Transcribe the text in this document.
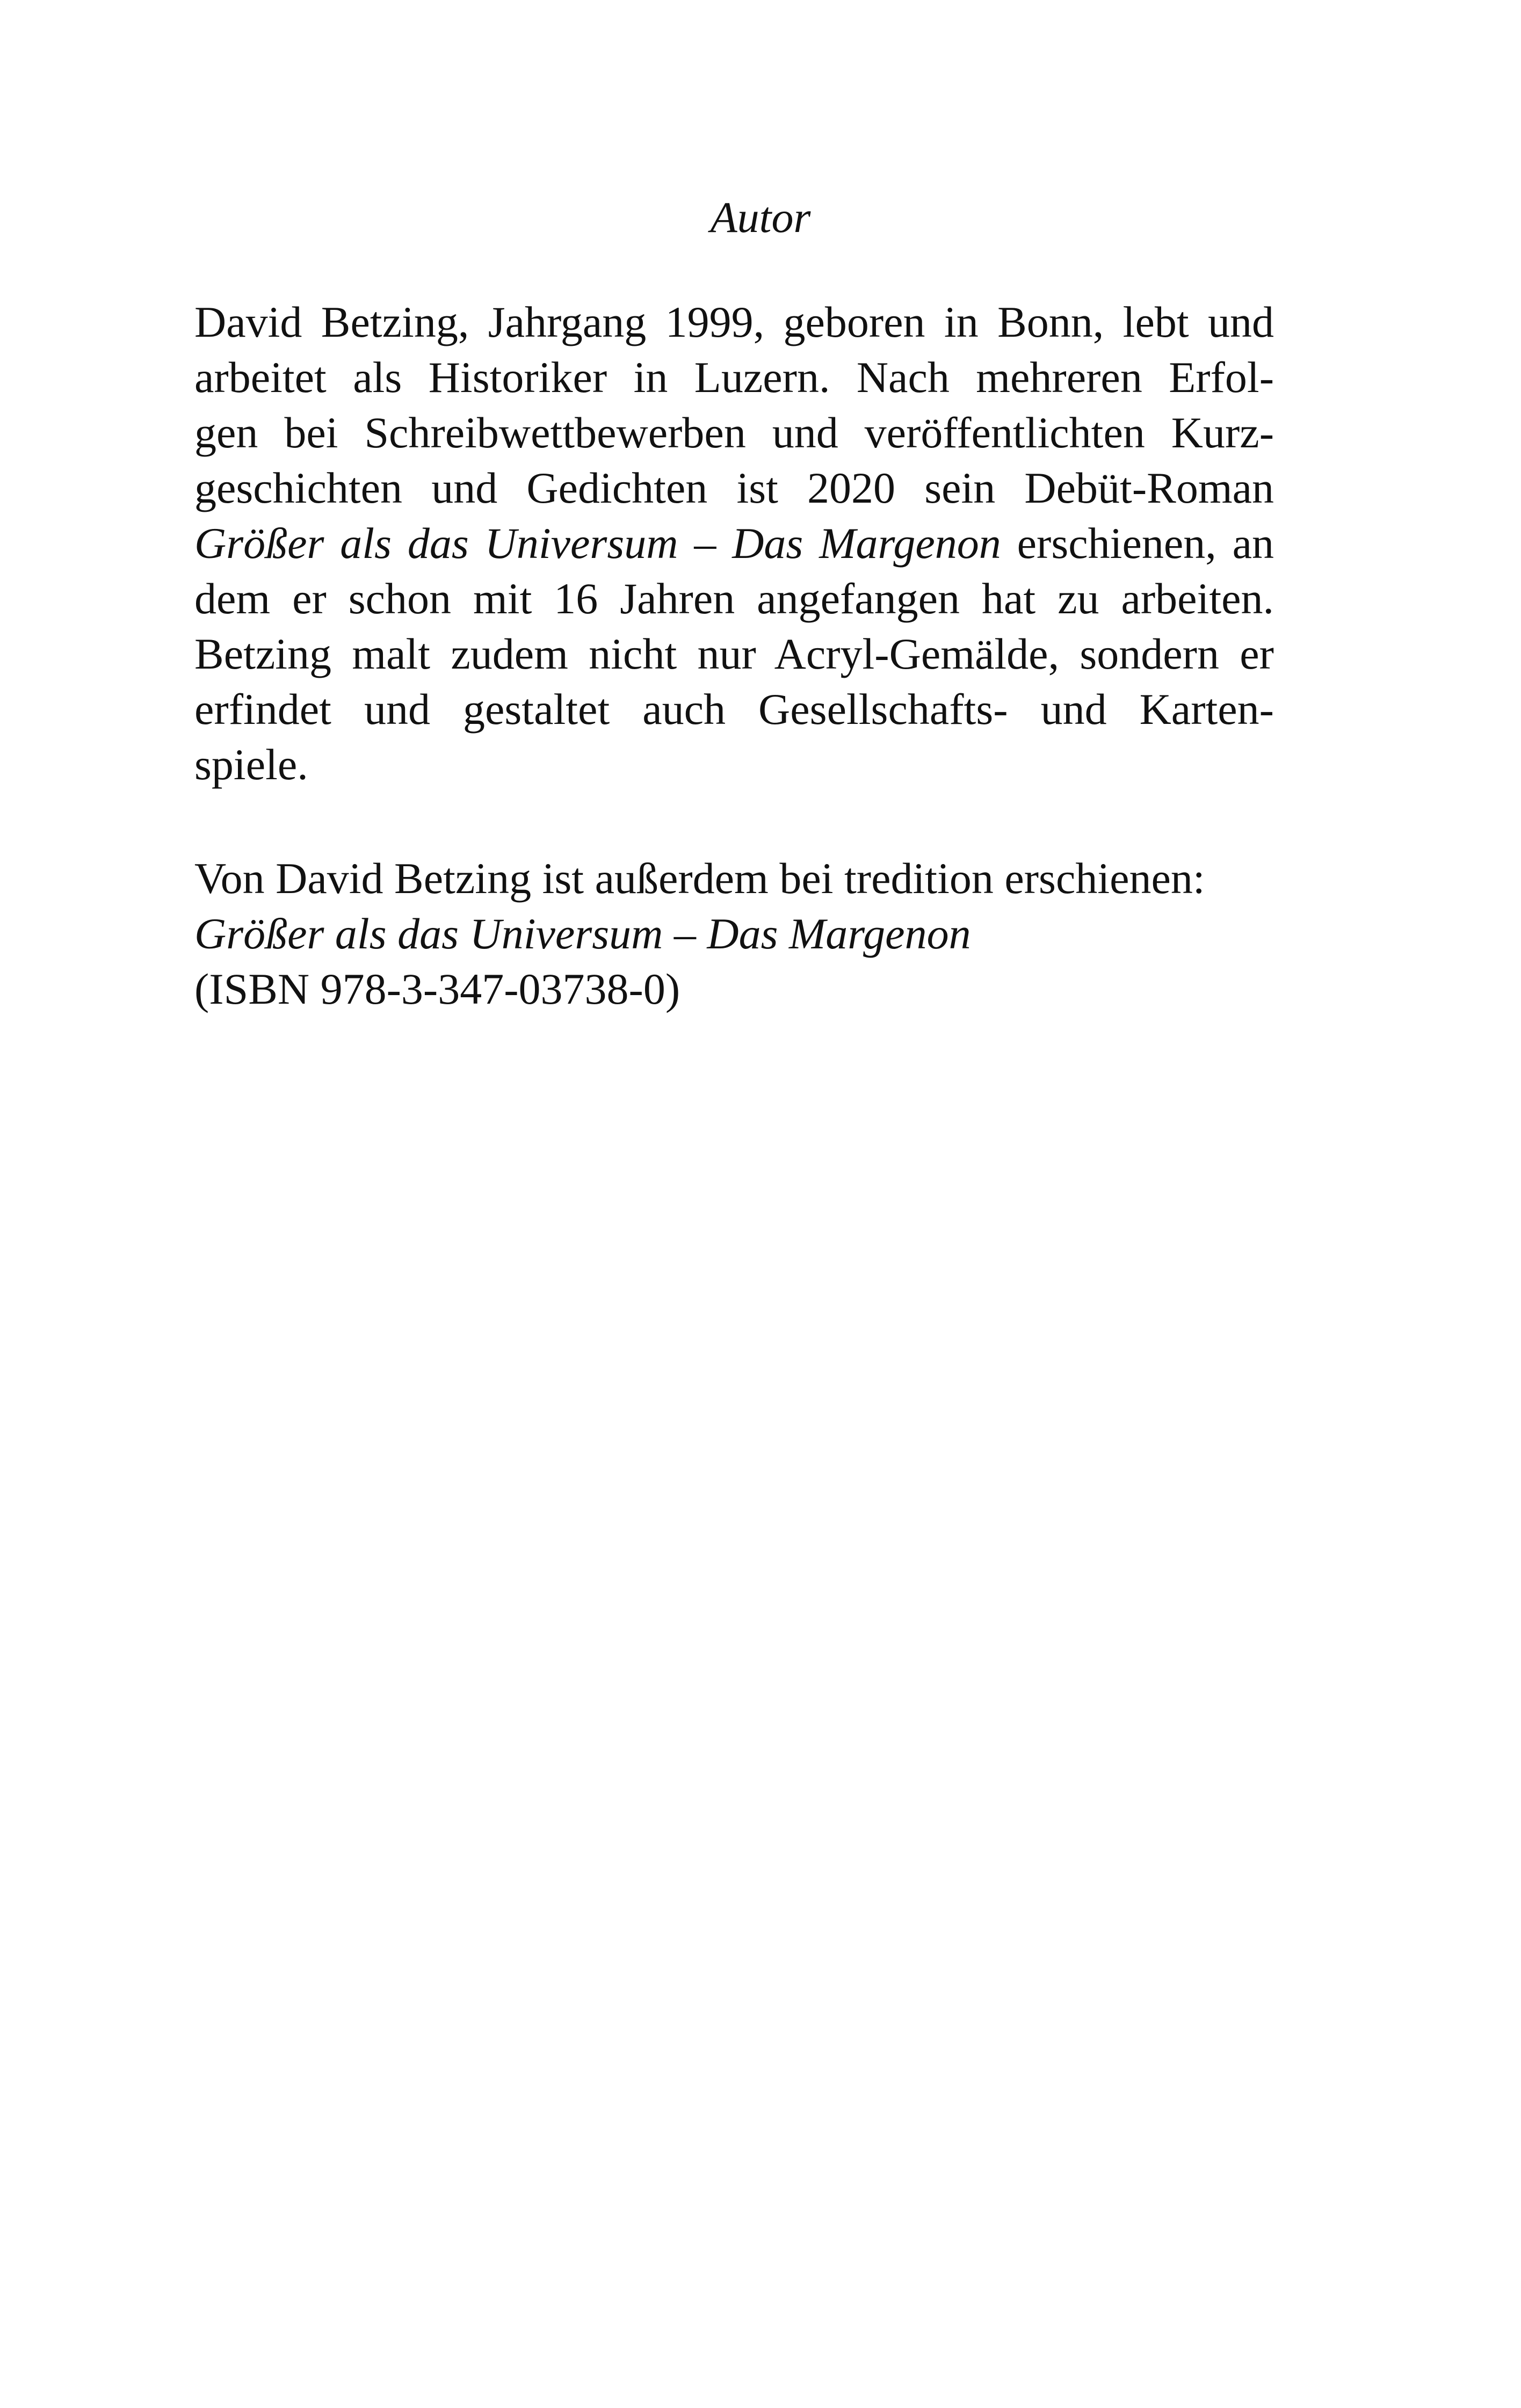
Autor
David Betzing, Jahrgang 1999, geboren in Bonn, lebt und
arbeitet als Historiker in Luzern. Nach mehreren Erfol-
gen bei Schreibwettbewerben und veröffentlichten Kurz-
geschichten und Gedichten ist 2020 sein Debüt-Roman
Größer als das Universum – Das Margenon erschienen, an
dem er schon mit 16 Jahren angefangen hat zu arbeiten.
Betzing malt zudem nicht nur Acryl-Gemälde, sondern er
erfindet und gestaltet auch Gesellschafts- und Karten-
spiele.
Von David Betzing ist außerdem bei tredition erschienen:
Größer als das Universum – Das Margenon
(ISBN 978-3-347-03738-0)
